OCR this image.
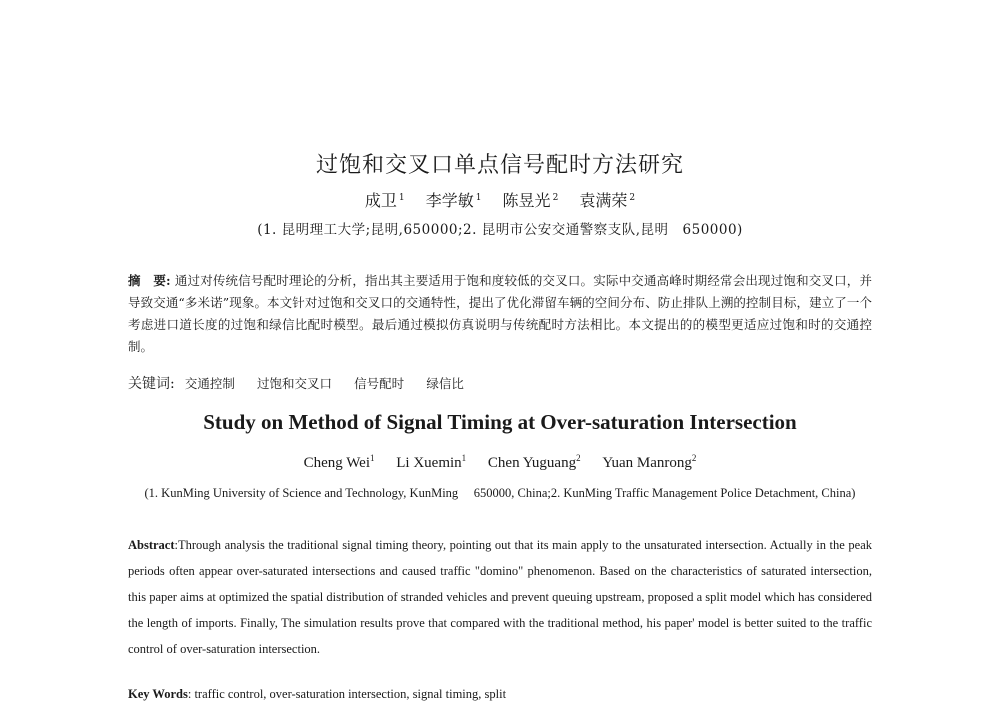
过饱和交叉口单点信号配时方法研究
成卫 $^1$ 李学敏 $^1$ 陈昱光 $^2$ 袁满荣 $^2$
(1. 昆明理工大学;昆明,650000;2. 昆明市公安交通警察支队,昆明　650000)
摘　要: 通过对传统信号配时理论的分析，指出其主要适用于饱和度较低的交叉口。实际中交通高峰时期经常会出现过饱和交叉口，并导致交通“多米诺”现象。本文针对过饱和交叉口的交通特性，提出了优化滞留车辆的空间分布、防止排队上溯的控制目标，建立了一个考虑进口道长度的过饱和绿信比配时模型。最后通过模拟仿真说明与传统配时方法相比。本文提出的的模型更适应过饱和时的交通控制。
关键词: 交通控制 过饱和交叉口 信号配时 绿信比
Study on Method of Signal Timing at Over-saturation Intersection
Cheng Wei$^1$ Li Xuemin$^1$ Chen Yuguang$^2$ Yuan Manrong$^2$
(1. KunMing University of Science and Technology, KunMing　 650000, China;2. KunMing Traffic Management Police Detachment, China)
Abstract:Through analysis the traditional signal timing theory, pointing out that its main apply to the unsaturated intersection. Actually in the peak periods often appear over-saturated intersections and caused traffic "domino" phenomenon. Based on the characteristics of saturated intersection, this paper aims at optimized the spatial distribution of stranded vehicles and prevent queuing upstream, proposed a split model which has considered the length of imports. Finally, The simulation results prove that compared with the traditional method, his paper' model is better suited to the traffic control of over-saturation intersection.
Key Words: traffic control, over-saturation intersection, signal timing, split
